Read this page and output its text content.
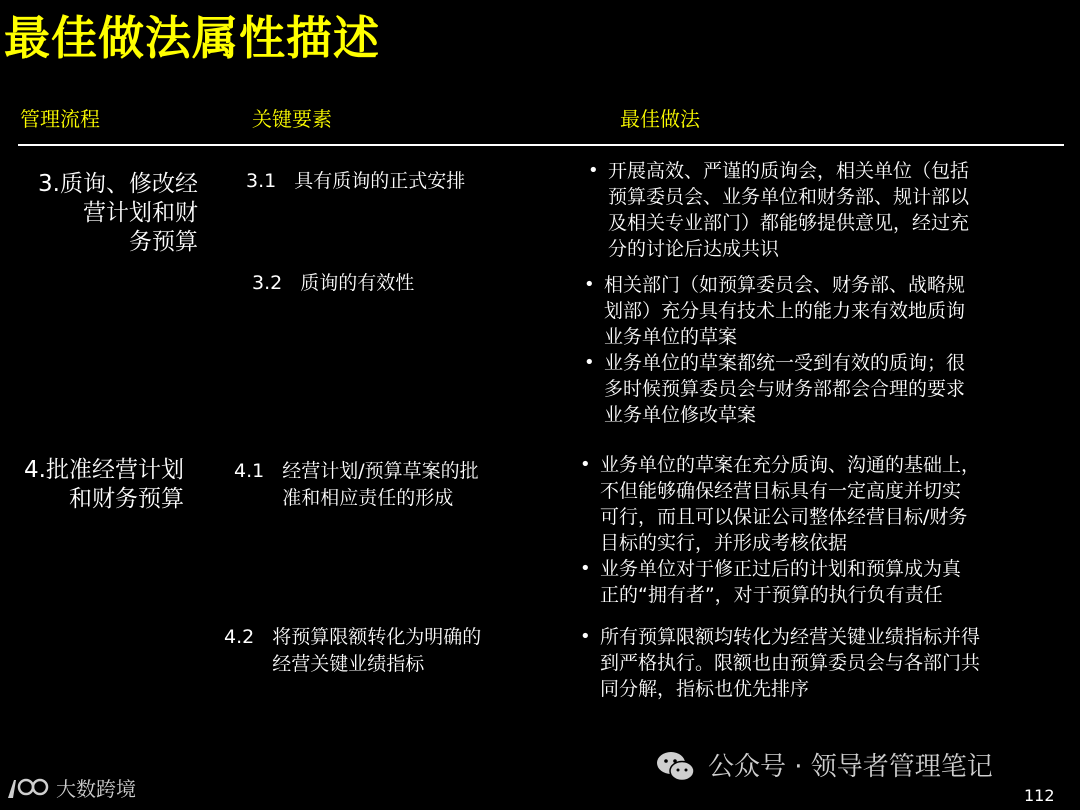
最佳做法属性描述
管理流程	关键要素	最佳做法
3.质询、修改经
营计划和财
务预算
3.1 具有质询的正式安排	• 开展高效、严谨的质询会，相关单位（包括
预算委员会、业务单位和财务部、规计部以
及相关专业部门）都能够提供意见，经过充
分的讨论后达成共识
3.2 质询的有效性	• 相关部门（如预算委员会、财务部、战略规
划部）充分具有技术上的能力来有效地质询
业务单位的草案
• 业务单位的草案都统一受到有效的质询；很
多时候预算委员会与财务部都会合理的要求
业务单位修改草案
4.批准经营计划
和财务预算
4.1 经营计划/预算草案的批
准和相应责任的形成
• 业务单位的草案在充分质询、沟通的基础上，
不但能够确保经营目标具有一定高度并切实
可行，而且可以保证公司整体经营目标/财务
目标的实行，并形成考核依据
• 业务单位对于修正过后的计划和预算成为真
正的“拥有者”，对于预算的执行负有责任
4.2 将预算限额转化为明确的
经营关键业绩指标
• 所有预算限额均转化为经营关键业绩指标并得
到严格执行。限额也由预算委员会与各部门共
同分解，指标也优先排序
公众号 · 领导者管理笔记
大数跨境	112
